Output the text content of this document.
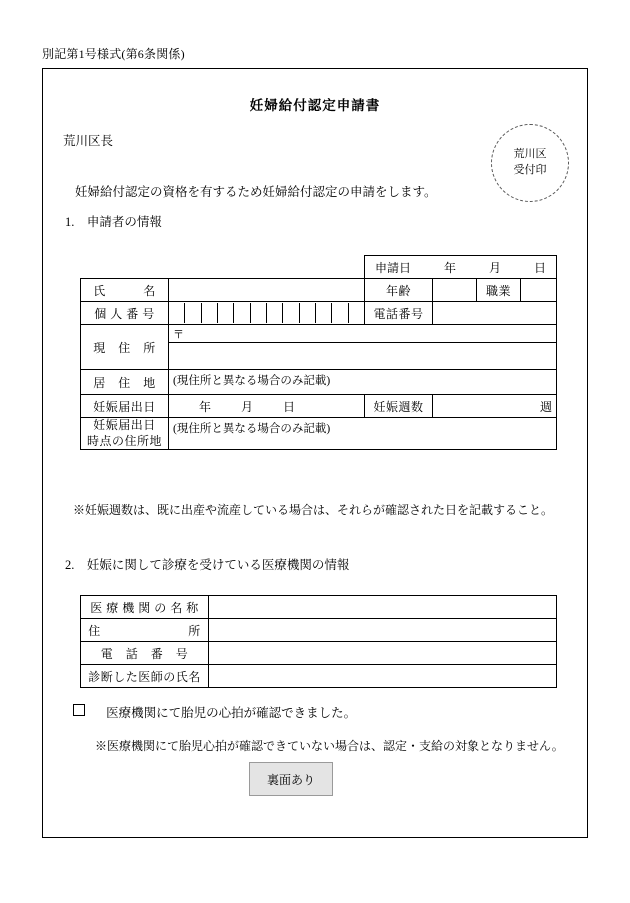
別記第1号様式(第6条関係)
妊婦給付認定申請書
荒川区長
荒川区
受付印
妊婦給付認定の資格を有するため妊婦給付認定の申請をします。
1.　申請者の情報

		申請日 年 月 日			

氏　　　名		年齢		職業	
個 人 番 号		電話番号			
現　住　所	〒				

居　住　地	(現住所と異なる場合のみ記載)				
妊娠届出日	年 月 日	妊娠週数	週		

妊娠届出日
時点の住所地	(現住所と異なる場合のみ記載)				
※妊娠週数は、既に出産や流産している場合は、それらが確認された日を記載すること。
2.　妊娠に関して診療を受けている医療機関の情報
医 療 機 関 の 名 称	
住　　　　　　　所	
電　話　番　号	
診断した医師の氏名	
医療機関にて胎児の心拍が確認できました。
※医療機関にて胎児心拍が確認できていない場合は、認定・支給の対象となりません。
裏面あり
